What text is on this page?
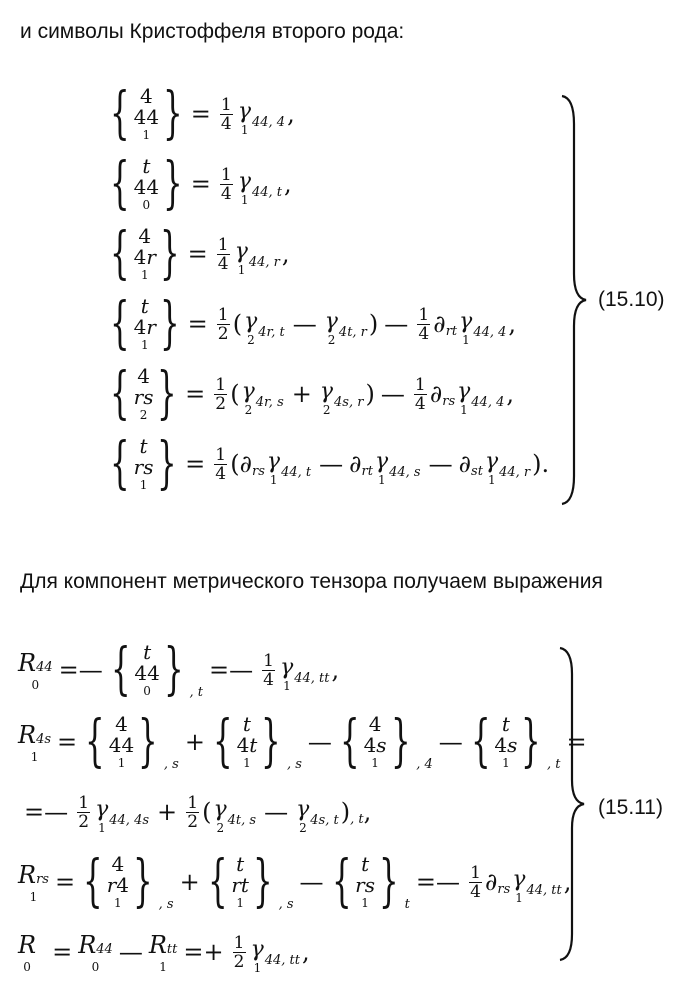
и символы Кристоффеля второго рода:
{ 4
44
1 } = $\frac{1}{4}$ γ
1 44, 4 ,
{ t
44
0 } = $\frac{1}{4}$ γ
1 44, t ,
{ 4
4r
1 } = $\frac{1}{4}$ γ
1 44, r ,
{ t
4r
1 } = $\frac{1}{2}$ ( γ
2 4r, t — γ
2 4t, r ) — $\frac{1}{4}$ ∂ rt γ
1 44, 4 ,
{ 4
rs
2 } = $\frac{1}{2}$ ( γ
2 4r, s + γ
2 4s, r ) — $\frac{1}{4}$ ∂ rs γ
1 44, 4 ,
{ t
rs
1 } = $\frac{1}{4}$ ( ∂ rs γ
1 44, t — ∂ rt γ
1 44, s — ∂ st γ
1 44, r ).
(15.10)
Для компонент метрического тензора получаем выражения
R44
0
=— { t
44
0 } , t
=— $\frac{1}{4}$ γ
1 44, tt ,
R4s
1
= { 4
44
1 } , s
+ { t
4t
1 } , s
— { 4
4s
1 } , 4
— { t
4s
1 } , t
=
=— $\frac{1}{2}$ γ
1 44, $4s + \frac{1}{2}$ ( γ
2 4t, s — γ
2 4s, t ) , t ,
Rrs
1
= { 4
r4
1 } , s
+ { t
rt
1 } , s
— { t
rs
1 } t
=— $\frac{1}{4}$ ∂ rs γ
1 44, tt ,
R
0
= R44
0
— Rtt
1
=+ $\frac{1}{2}$ γ
1 44, tt ,
(15.11)
